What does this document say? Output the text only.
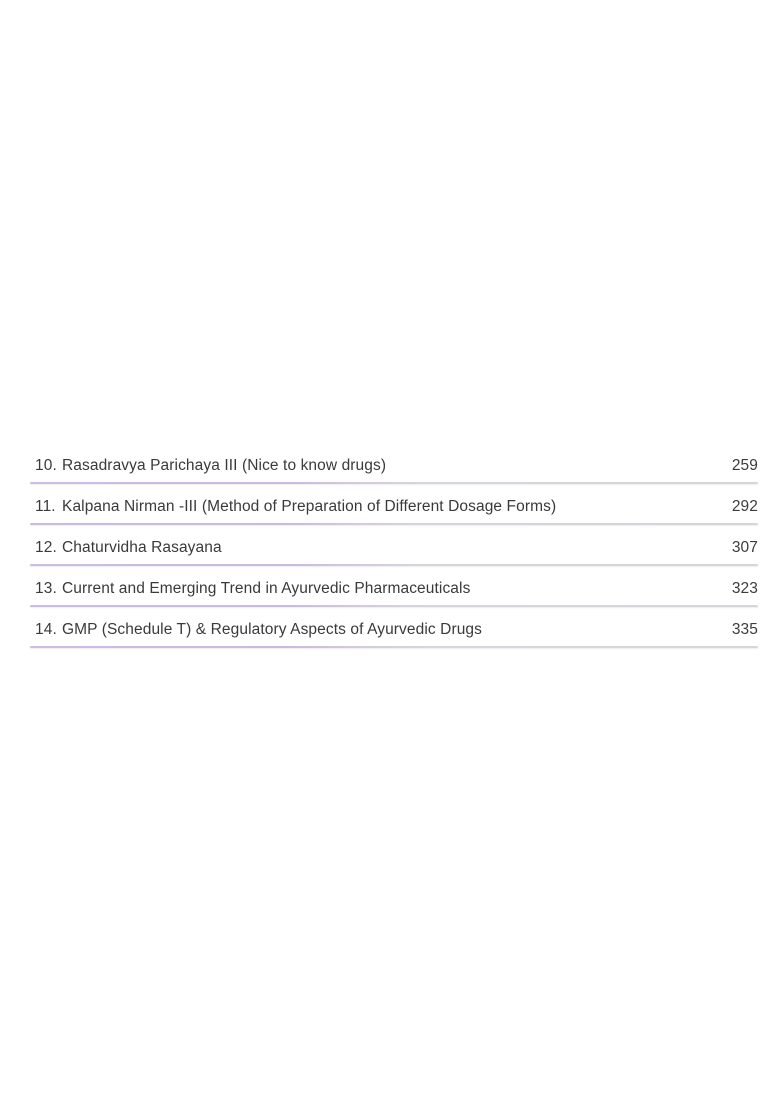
10. Rasadravya Parichaya III (Nice to know drugs)	259
11. Kalpana Nirman -III (Method of Preparation of Different Dosage Forms)	292
12. Chaturvidha Rasayana	307
13. Current and Emerging Trend in Ayurvedic Pharmaceuticals	323
14. GMP (Schedule T) & Regulatory Aspects of Ayurvedic Drugs	335
